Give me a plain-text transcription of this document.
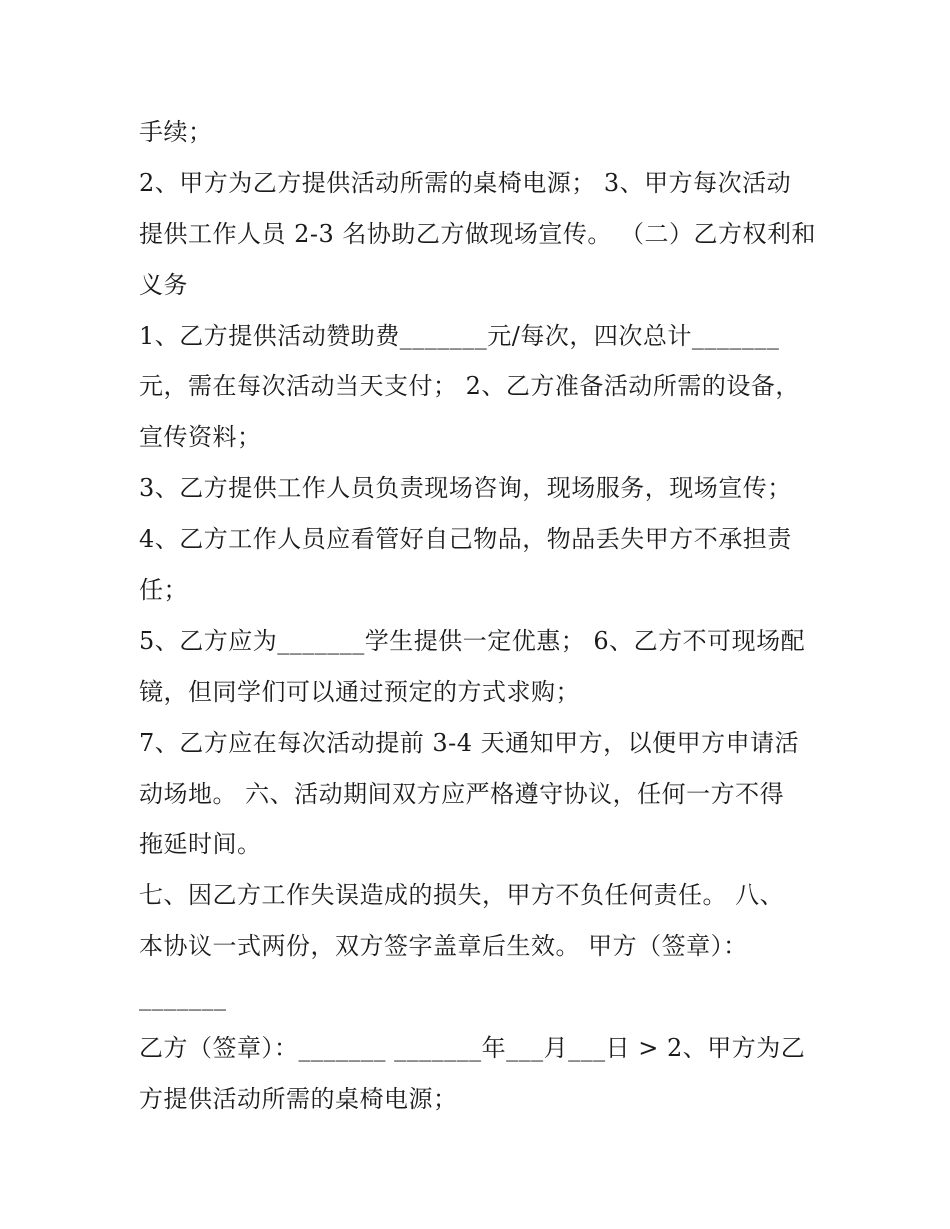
手续；
2、甲方为乙方提供活动所需的桌椅电源； 3、甲方每次活动
提供工作人员 2-3 名协助乙方做现场宣传。 （二）乙方权利和
义务
1、乙方提供活动赞助费_______元/每次，四次总计_______
元，需在每次活动当天支付； 2、乙方准备活动所需的设备，
宣传资料；
3、乙方提供工作人员负责现场咨询，现场服务，现场宣传；
4、乙方工作人员应看管好自己物品，物品丢失甲方不承担责
任；
5、乙方应为_______学生提供一定优惠； 6、乙方不可现场配
镜，但同学们可以通过预定的方式求购；
7、乙方应在每次活动提前 3-4 天通知甲方，以便甲方申请活
动场地。 六、活动期间双方应严格遵守协议，任何一方不得
拖延时间。
七、因乙方工作失误造成的损失，甲方不负任何责任。 八、
本协议一式两份，双方签字盖章后生效。 甲方（签章）：
_______
乙方（签章）：_______ _______年___月___日 > 2、甲方为乙
方提供活动所需的桌椅电源；
